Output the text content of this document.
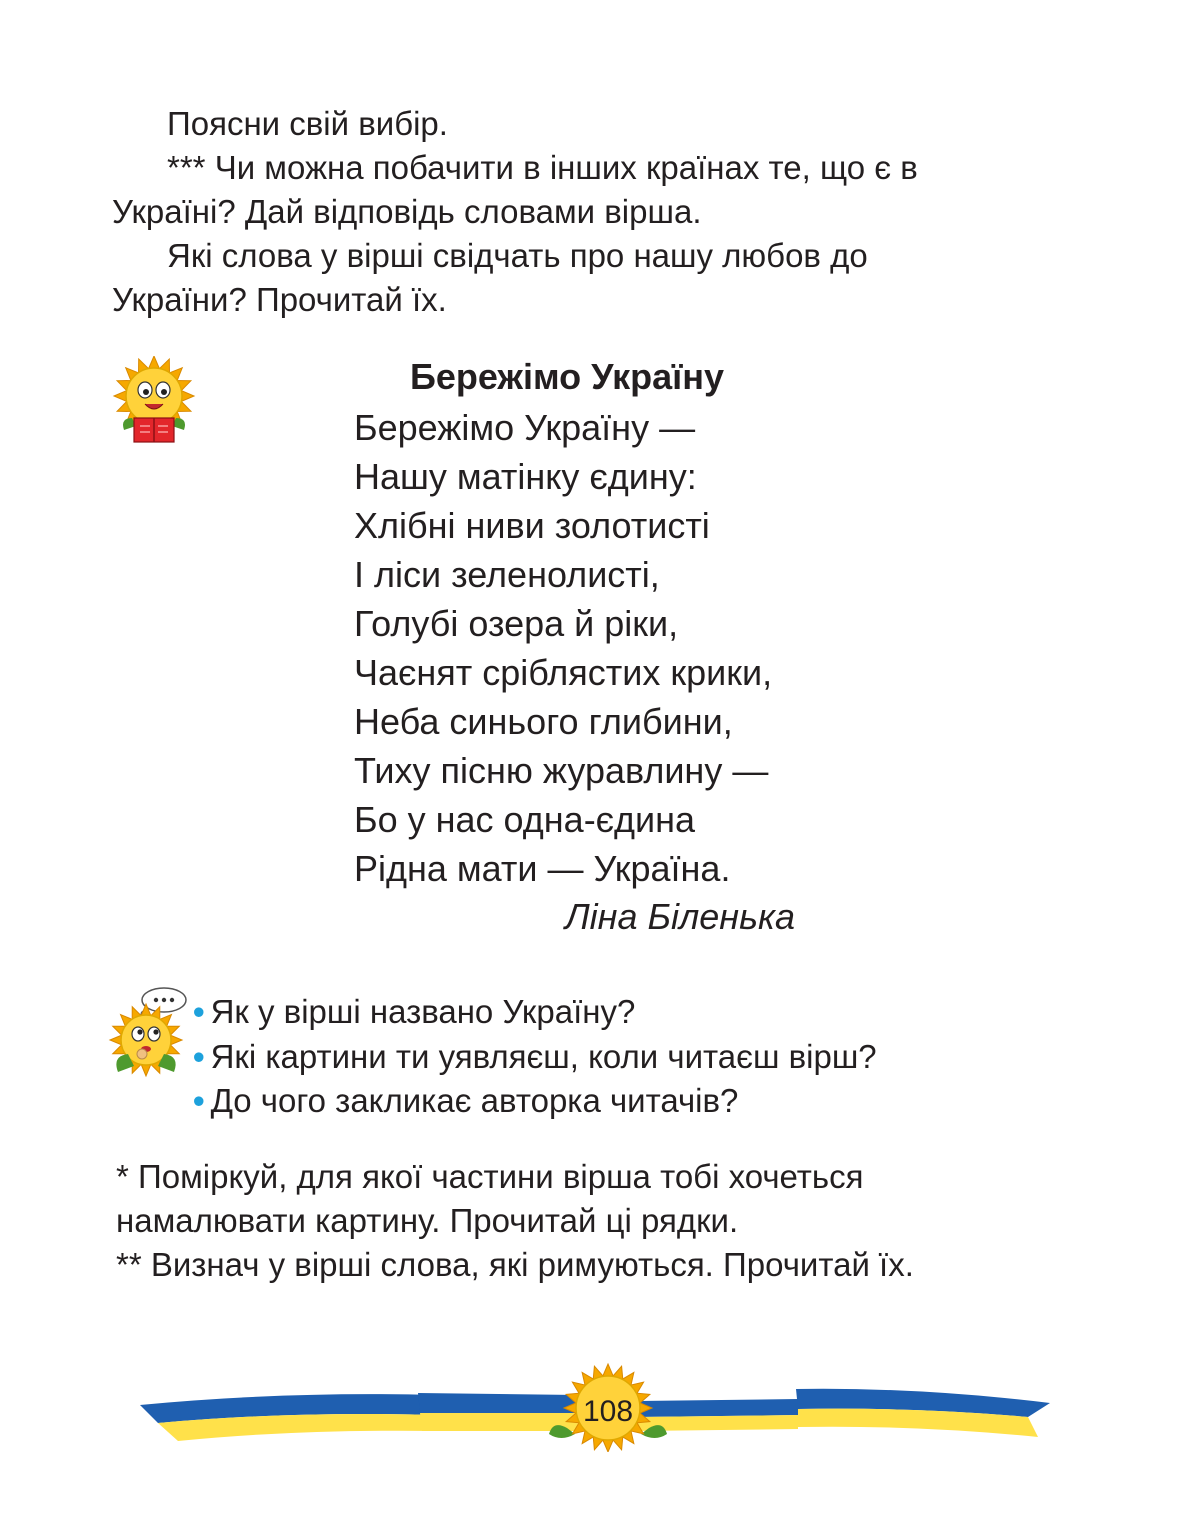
Поясни свій вибір.
*** Чи можна побачити в інших країнах те, що є в
Україні? Дай відповідь словами вірша.
Які слова у вірші свідчать про нашу любов до
України? Прочитай їх.
Бережімо Україну
Бережімо Україну —
Нашу матінку єдину:
Хлібні ниви золотисті
І ліси зеленолисті,
Голубі озера й ріки,
Чаєнят сріблястих крики,
Неба синього глибини,
Тиху пісню журавлину —
Бо у нас одна-єдина
Рідна мати — Україна.
Ліна Біленька
• Як у вірші названо Україну?
• Які картини ти уявляєш, коли читаєш вірш?
• До чого закликає авторка читачів?
* Поміркуй, для якої частини вірша тобі хочеться
намалювати картину. Прочитай ці рядки.
** Визнач у вірші слова, які римуються. Прочитай їх.
108
